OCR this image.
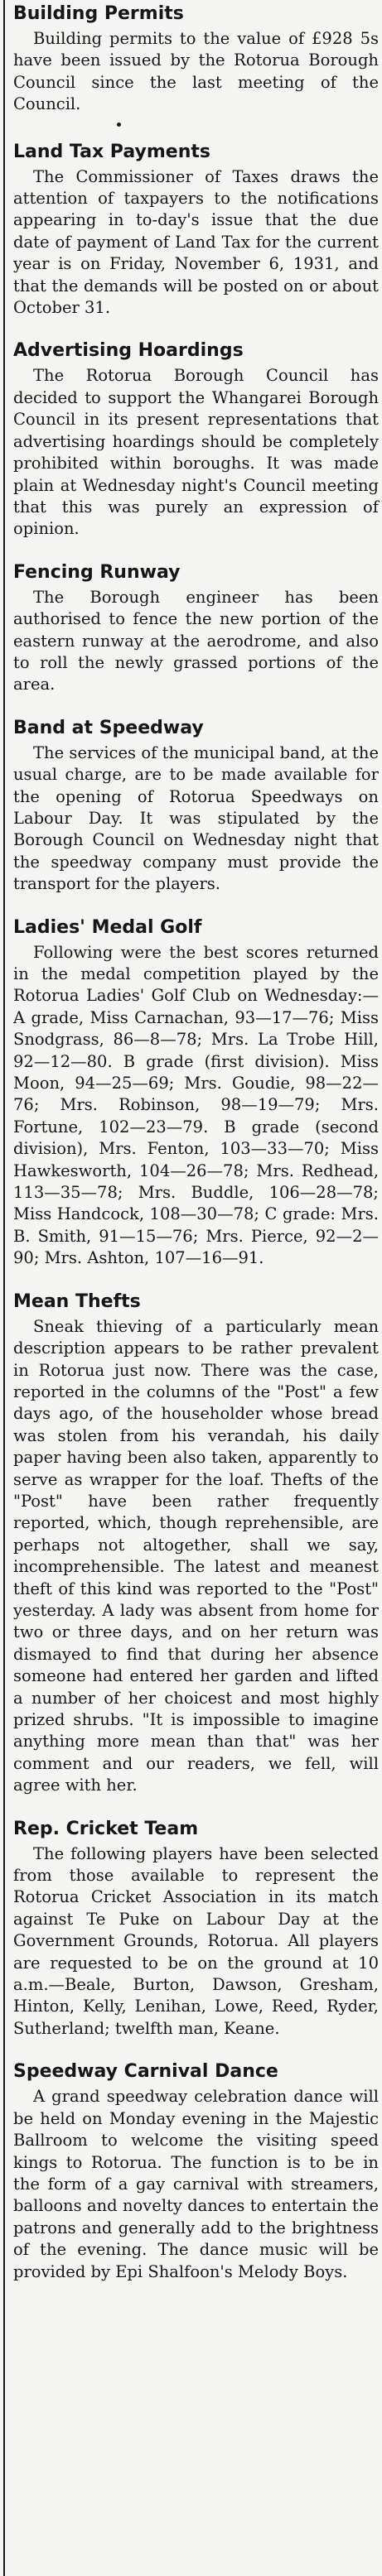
Building Permits

Building permits to the value of £928 5s have been issued by the Rotorua Borough Council since the last meeting of the Council.

Land Tax Payments

The Commissioner of Taxes draws the attention of taxpayers to the notifications appearing in to-day's issue that the due date of payment of Land Tax for the current year is on Friday, November 6, 1931, and that the demands will be posted on or about October 31.

Advertising Hoardings

The Rotorua Borough Council has decided to support the Whangarei Borough Council in its present representations that advertising hoardings should be completely prohibited within boroughs. It was made plain at Wednesday night's Council meeting that this was purely an expression of opinion.

Fencing Runway

The Borough engineer has been authorised to fence the new portion of the eastern runway at the aerodrome, and also to roll the newly grassed portions of the area.

Band at Speedway

The services of the municipal band, at the usual charge, are to be made available for the opening of Rotorua Speedways on Labour Day. It was stipulated by the Borough Council on Wednesday night that the speedway company must provide the transport for the players.

Ladies' Medal Golf

Following were the best scores returned in the medal competition played by the Rotorua Ladies' Golf Club on Wednesday:—A grade, Miss Carnachan, 93—17—76; Miss Snodgrass, 86—8—78; Mrs. La Trobe Hill, 92—12—80. B grade (first division). Miss Moon, 94—25—69; Mrs. Goudie, 98—22—76; Mrs. Robinson, 98—19—79; Mrs. Fortune, 102—23—79. B grade (second division), Mrs. Fenton, 103—33—70; Miss Hawkesworth, 104—26—78; Mrs. Redhead, 113—35—78; Mrs. Buddle, 106—28—78; Miss Handcock, 108—30—78; C grade: Mrs. B. Smith, 91—15—76; Mrs. Pierce, 92—2—90; Mrs. Ashton, 107—16—91.

Mean Thefts

Sneak thieving of a particularly mean description appears to be rather prevalent in Rotorua just now. There was the case, reported in the columns of the "Post" a few days ago, of the householder whose bread was stolen from his verandah, his daily paper having been also taken, apparently to serve as wrapper for the loaf. Thefts of the "Post" have been rather frequently reported, which, though reprehensible, are perhaps not altogether, shall we say, incomprehensible. The latest and meanest theft of this kind was reported to the "Post" yesterday. A lady was absent from home for two or three days, and on her return was dismayed to find that during her absence someone had entered her garden and lifted a number of her choicest and most highly prized shrubs. "It is impossible to imagine anything more mean than that" was her comment and our readers, we fell, will agree with her.

Rep. Cricket Team

The following players have been selected from those available to represent the Rotorua Cricket Association in its match against Te Puke on Labour Day at the Government Grounds, Rotorua. All players are requested to be on the ground at 10 a.m.—Beale, Burton, Dawson, Gresham, Hinton, Kelly, Lenihan, Lowe, Reed, Ryder, Sutherland; twelfth man, Keane.

Speedway Carnival Dance

A grand speedway celebration dance will be held on Monday evening in the Majestic Ballroom to welcome the visiting speed kings to Rotorua. The function is to be in the form of a gay carnival with streamers, balloons and novelty dances to entertain the patrons and generally add to the brightness of the evening. The dance music will be provided by Epi Shalfoon's Melody Boys.
